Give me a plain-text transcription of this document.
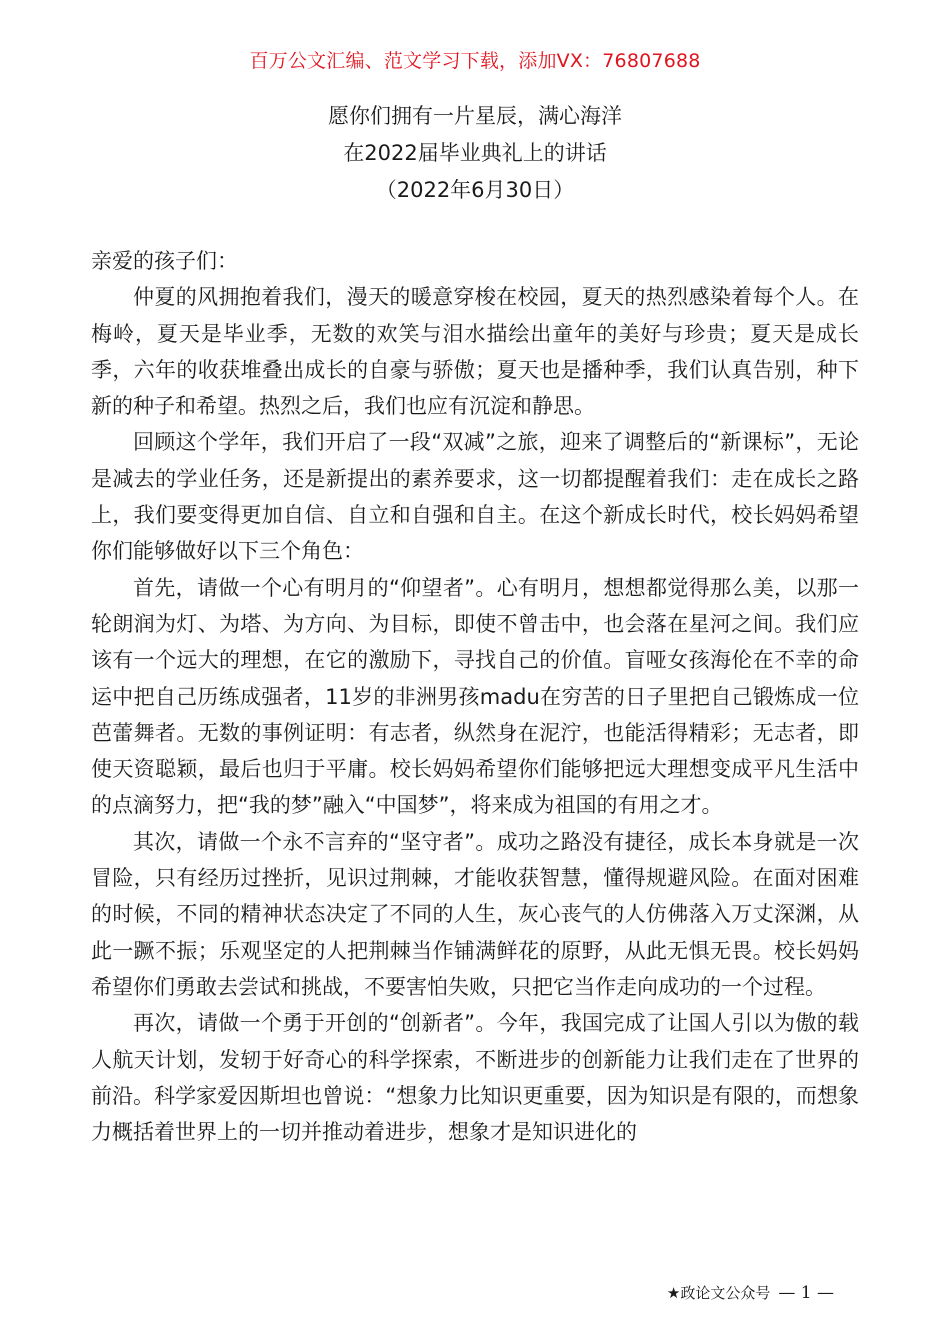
百万公文汇编、范文学习下载，添加VX：76807688
愿你们拥有一片星辰，满心海洋
在2022届毕业典礼上的讲话
（2022年6月30日）

亲爱的孩子们：

仲夏的风拥抱着我们，漫天的暖意穿梭在校园，夏天的热烈感染着每个人。在梅岭，夏天是毕业季，无数的欢笑与泪水描绘出童年的美好与珍贵；夏天是成长季，六年的收获堆叠出成长的自豪与骄傲；夏天也是播种季，我们认真告别，种下新的种子和希望。热烈之后，我们也应有沉淀和静思。

回顾这个学年，我们开启了一段“双减”之旅，迎来了调整后的“新课标”，无论是减去的学业任务，还是新提出的素养要求，这一切都提醒着我们：走在成长之路上，我们要变得更加自信、自立和自强和自主。在这个新成长时代，校长妈妈希望你们能够做好以下三个角色：

首先，请做一个心有明月的“仰望者”。心有明月，想想都觉得那么美，以那一轮朗润为灯、为塔、为方向、为目标，即使不曾击中，也会落在星河之间。我们应该有一个远大的理想，在它的激励下，寻找自己的价值。盲哑女孩海伦在不幸的命运中把自己历练成强者，11岁的非洲男孩madu在穷苦的日子里把自己锻炼成一位芭蕾舞者。无数的事例证明：有志者，纵然身在泥泞，也能活得精彩；无志者，即使天资聪颖，最后也归于平庸。校长妈妈希望你们能够把远大理想变成平凡生活中的点滴努力，把“我的梦”融入“中国梦”，将来成为祖国的有用之才。

其次，请做一个永不言弃的“坚守者”。成功之路没有捷径，成长本身就是一次冒险，只有经历过挫折，见识过荆棘，才能收获智慧，懂得规避风险。在面对困难的时候，不同的精神状态决定了不同的人生，灰心丧气的人仿佛落入万丈深渊，从此一蹶不振；乐观坚定的人把荆棘当作铺满鲜花的原野，从此无惧无畏。校长妈妈希望你们勇敢去尝试和挑战，不要害怕失败，只把它当作走向成功的一个过程。

再次，请做一个勇于开创的“创新者”。今年，我国完成了让国人引以为傲的载人航天计划，发轫于好奇心的科学探索，不断进步的创新能力让我们走在了世界的前沿。科学家爱因斯坦也曾说：“想象力比知识更重要，因为知识是有限的，而想象力概括着世界上的一切并推动着进步，想象才是知识进化的

★政论文公众号 — 1 —
